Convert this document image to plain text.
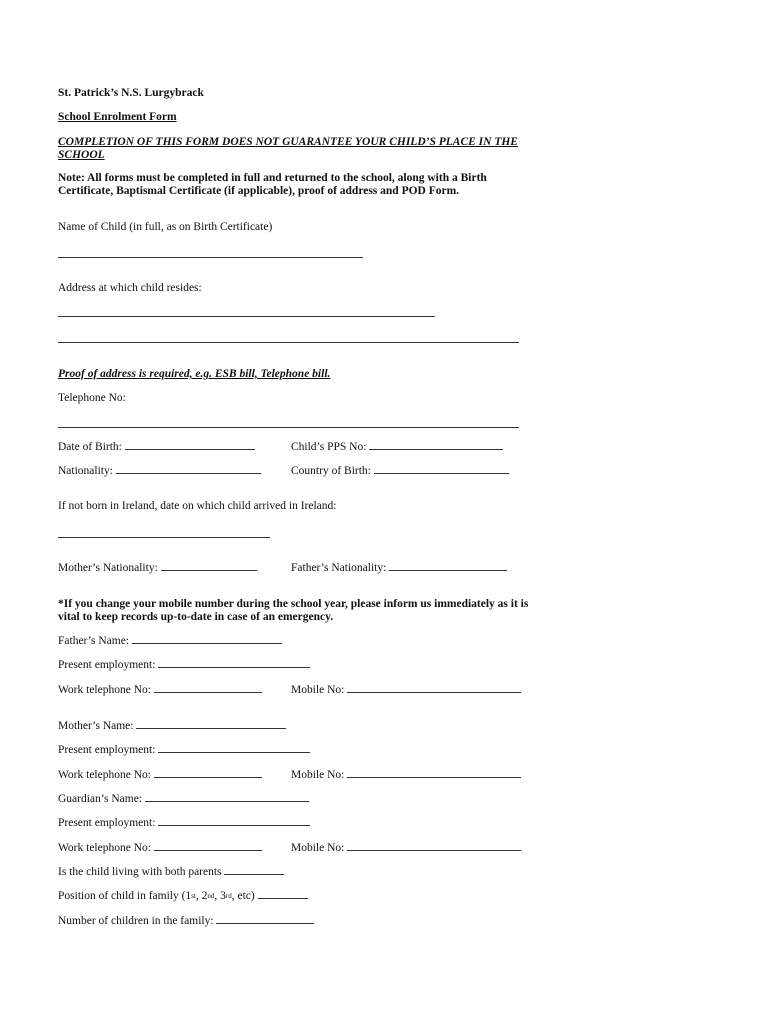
St. Patrick’s N.S. Lurgybrack
School Enrolment Form
COMPLETION OF THIS FORM DOES NOT GUARANTEE YOUR CHILD’S PLACE IN THE
SCHOOL
Note: All forms must be completed in full and returned to the school, along with a Birth
Certificate, Baptismal Certificate (if applicable), proof of address and POD Form.
Name of Child (in full, as on Birth Certificate)
Address at which child resides:
Proof of address is required, e.g. ESB bill, Telephone bill.
Telephone No:
Date of Birth:	Child’s PPS No:
Nationality:	Country of Birth:
If not born in Ireland, date on which child arrived in Ireland:
Mother’s Nationality:	Father’s Nationality:
*If you change your mobile number during the school year, please inform us immediately as it is
vital to keep records up-to-date in case of an emergency.
Father’s Name:
Present employment:
Work telephone No:	Mobile No:
Mother’s Name:
Present employment:
Work telephone No:	Mobile No:
Guardian’s Name:
Present employment:
Work telephone No:	Mobile No:
Is the child living with both parents
Position of child in family (1st, 2nd, 3rd, etc)
Number of children in the family:
